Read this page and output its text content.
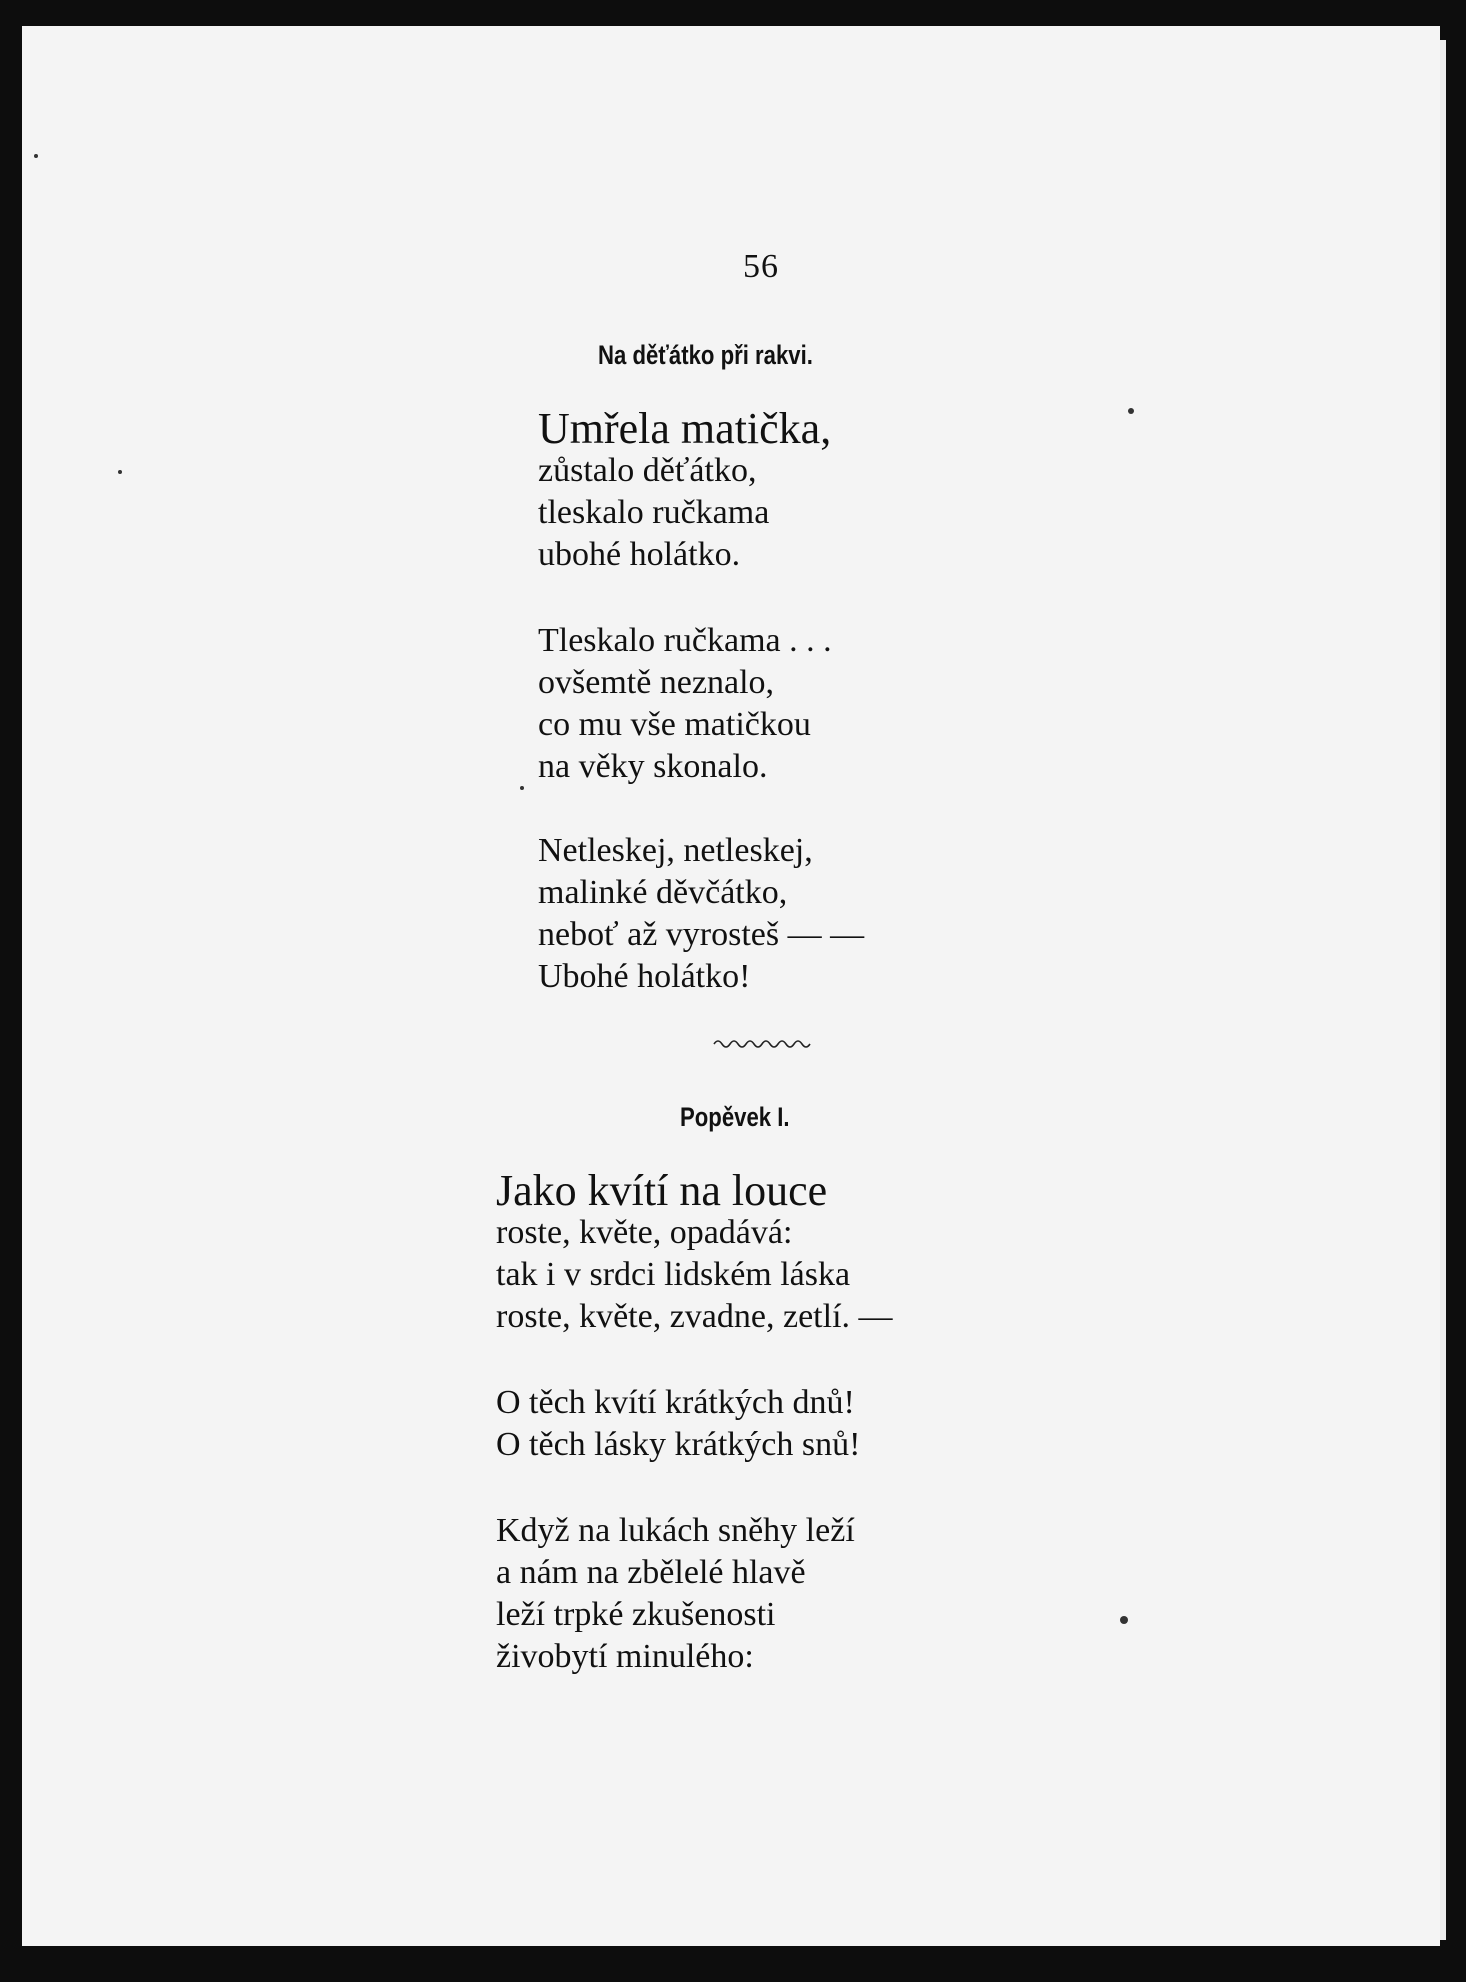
56
Na děťátko při rakvi.
Umřela matička,
zůstalo děťátko,
tleskalo ručkama
ubohé holátko.
Tleskalo ručkama . . .
ovšemtě neznalo,
co mu vše matičkou
na věky skonalo.
Netleskej, netleskej,
malinké děvčátko,
neboť až vyrosteš — —
Ubohé holátko!
Popěvek I.
Jako kvítí na louce
roste, květe, opadává:
tak i v srdci lidském láska
roste, květe, zvadne, zetlí. —
O těch kvítí krátkých dnů!
O těch lásky krátkých snů!
Když na lukách sněhy leží
a nám na zbělelé hlavě
leží trpké zkušenosti
živobytí minulého:
